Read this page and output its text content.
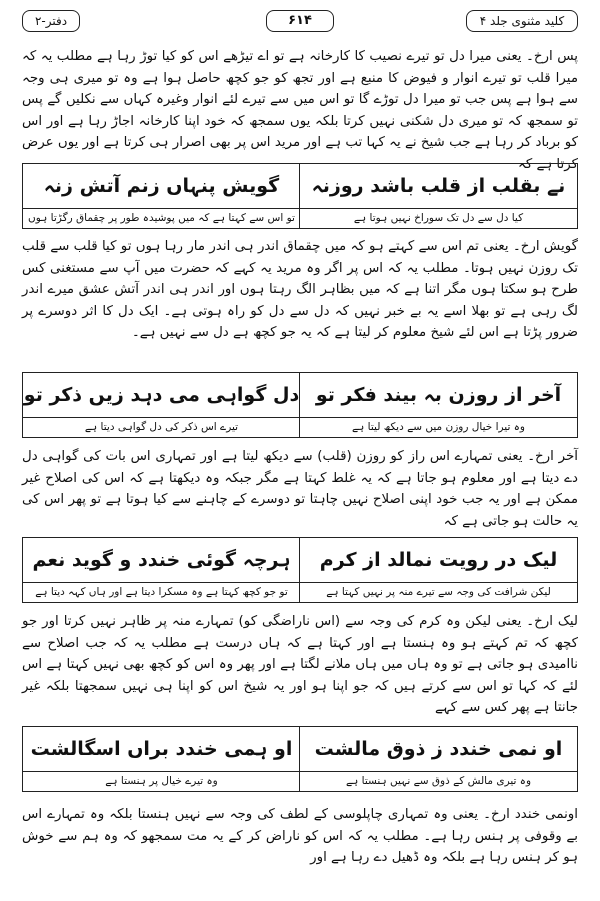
کلید مثنوی جلد ۴
۶۱۴
دفتر-۲
پس ارخ۔ یعنی میرا دل تو تیرے نصیب کا کارخانہ ہے تو اے تیڑھے اس کو کیا توڑ رہا ہے مطلب یہ کہ میرا قلب تو تیرے انوار و فیوض کا منبع ہے اور تجھ کو جو کچھ حاصل ہوا ہے وہ تو میری ہی وجہ سے ہوا ہے پس جب تو میرا دل توڑے گا تو اس میں سے تیرے لئے انوار وغیرہ کہاں سے نکلیں گے پس تو سمجھ کہ تو میری دل شکنی نہیں کرتا بلکہ یوں سمجھ کہ خود اپنا کارخانہ اجاڑ رہا ہے اور اس کو برباد کر رہا ہے جب شیخ نے یہ کہا تب ہے اور مرید اس پر بھی اصرار ہی کرتا ہے اور یوں عرض کرتا ہے کہ
نے بقلب از قلب باشد روزنہ
کیا دل سے دل تک سوراخ نہیں ہوتا ہے
گویش پنہاں زنم آتش زنہ
تو اس سے کہتا ہے کہ میں پوشیدہ طور پر چقماق رگڑتا ہوں
گویش ارخ۔ یعنی تم اس سے کہتے ہو کہ میں چقماق اندر ہی اندر مار رہا ہوں تو کیا قلب سے قلب تک روزن نہیں ہوتا۔ مطلب یہ کہ اس پر اگر وہ مرید یہ کہے کہ حضرت میں آپ سے مستغنی کس طرح ہو سکتا ہوں مگر اتنا ہے کہ میں بظاہر الگ رہتا ہوں اور اندر ہی اندر آتش عشق میرے اندر لگ رہی ہے تو بھلا اسے یہ بے خبر نہیں کہ دل سے دل کو راہ ہوتی ہے۔ ایک دل کا اثر دوسرے پر ضرور پڑتا ہے اس لئے شیخ معلوم کر لیتا ہے کہ یہ جو کچھ ہے دل سے نہیں ہے۔
آخر از روزن بہ بیند فکر تو
وہ تیرا خیال روزن میں سے دیکھ لیتا ہے
دل گواہی می دہد زیں ذکر تو
تیرے اس ذکر کی دل گواہی دیتا ہے
آخر ارخ۔ یعنی تمہارے اس راز کو روزن (قلب) سے دیکھ لیتا ہے اور تمہاری اس بات کی گواہی دل دے دیتا ہے اور معلوم ہو جاتا ہے کہ یہ غلط کہتا ہے مگر جبکہ وہ دیکھتا ہے کہ اس کی اصلاح غیر ممکن ہے اور یہ جب خود اپنی اصلاح نہیں چاہتا تو دوسرے کے چاہنے سے کیا ہوتا ہے تو پھر اس کی یہ حالت ہو جاتی ہے کہ
لیک در رویت نمالد از کرم
لیکن شرافت کی وجہ سے تیرے منہ پر نہیں کہتا ہے
ہرچہ گوئی خندد و گوید نعم
تو جو کچھ کہتا ہے وہ مسکرا دیتا ہے اور ہاں کہہ دیتا ہے
لیک ارخ۔ یعنی لیکن وہ کرم کی وجہ سے (اس ناراضگی کو) تمہارے منہ پر ظاہر نہیں کرتا اور جو کچھ کہ تم کہتے ہو وہ ہنستا ہے اور کہتا ہے کہ ہاں درست ہے مطلب یہ کہ جب اصلاح سے ناامیدی ہو جاتی ہے تو وہ ہاں میں ہاں ملانے لگتا ہے اور پھر وہ اس کو کچھ بھی نہیں کہتا ہے اس لئے کہ کہا تو اس سے کرتے ہیں کہ جو اپنا ہو اور یہ شیخ اس کو اپنا ہی نہیں سمجھتا بلکہ غیر جانتا ہے پھر کس سے کہے
او نمی خندد ز ذوق مالشت
وہ تیری مالش کے ذوق سے نہیں ہنستا ہے
او ہمی خندد براں اسگالشت
وہ تیرے خیال پر ہنستا ہے
اونمی خندد ارخ۔ یعنی وہ تمہاری چاپلوسی کے لطف کی وجہ سے نہیں ہنستا بلکہ وہ تمہارے اس بے وقوفی پر ہنس رہا ہے۔ مطلب یہ کہ اس کو ناراض کر کے یہ مت سمجھو کہ وہ ہم سے خوش ہو کر ہنس رہا ہے بلکہ وہ ڈھیل دے رہا ہے اور
